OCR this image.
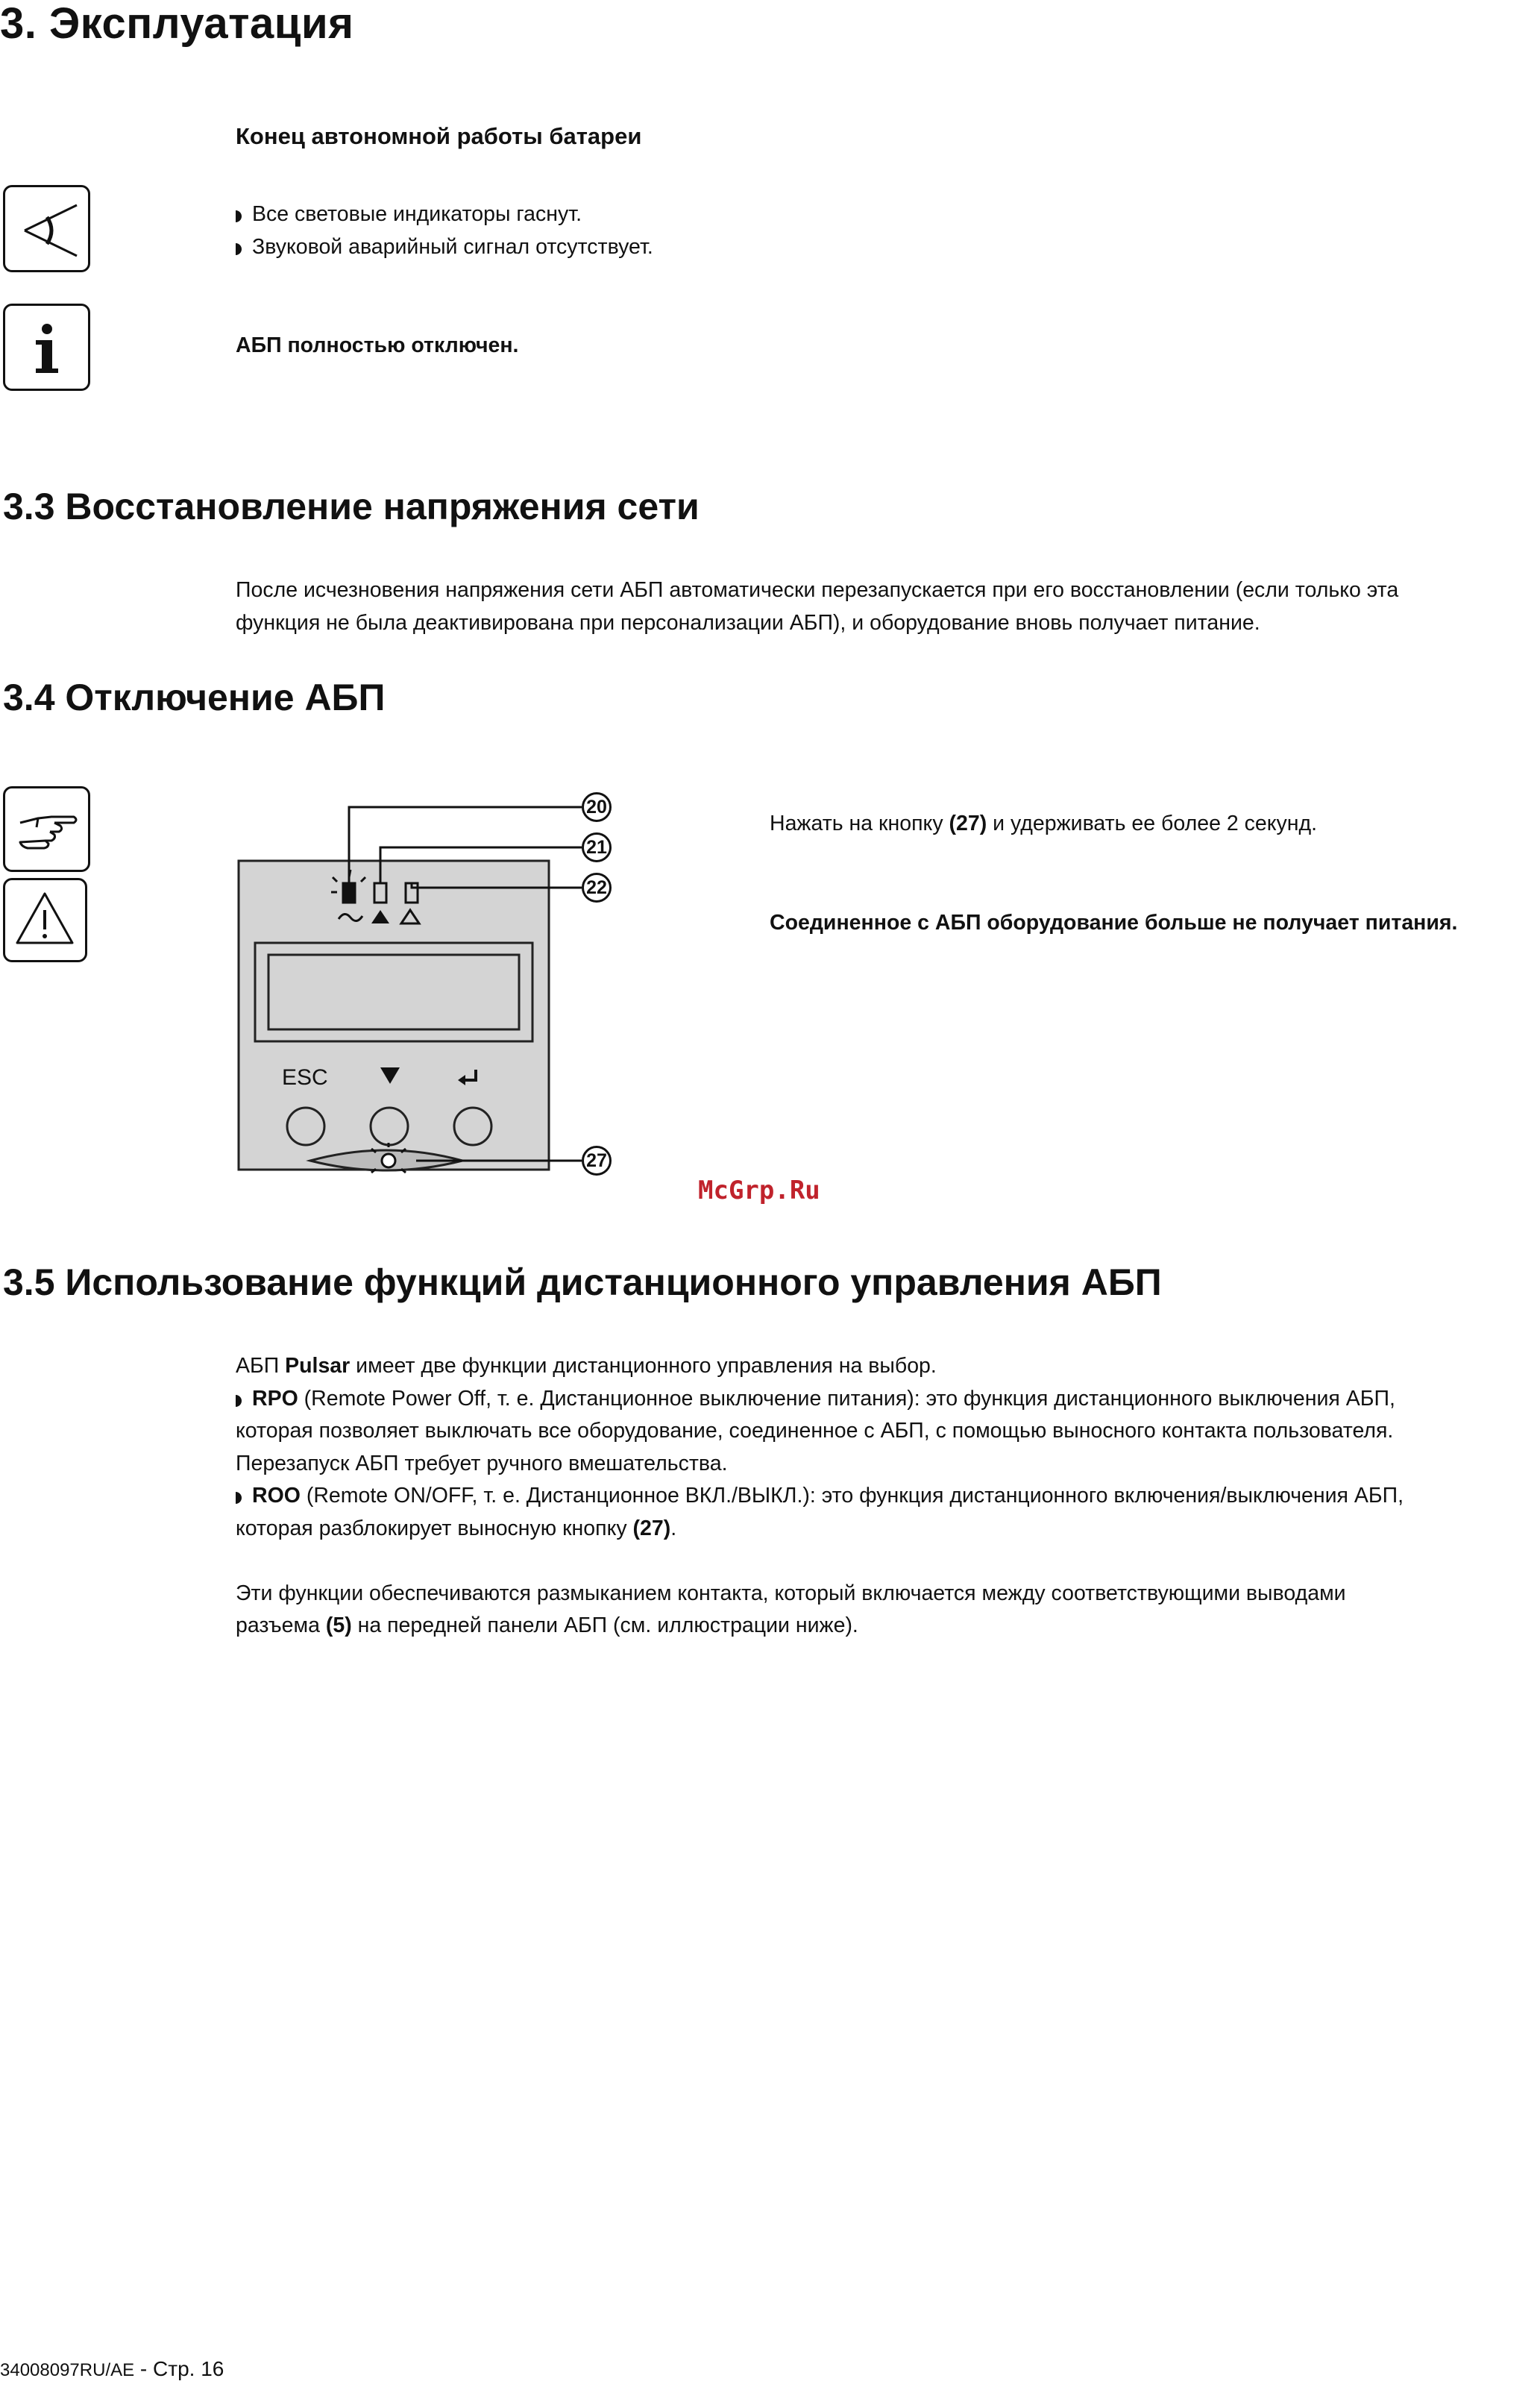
3. Эксплуатация
Конец автономной работы батареи
Все световые индикаторы гаснут.
Звуковой аварийный сигнал отсутствует.
АБП полностью отключен.
3.3 Восстановление напряжения сети
После исчезновения напряжения сети АБП автоматически перезапускается при его восстановлении (если только эта
функция не была деактивирована при персонализации АБП), и оборудование вновь получает питание.
3.4 Отключение АБП
ESC
20
21
22
27
Нажать на кнопку (27) и удерживать ее более 2 секунд.
Соединенное с АБП оборудование больше не получает питания.
McGrp.Ru
3.5 Использование функций дистанционного управления АБП
АБП Pulsar имеет две функции дистанционного управления на выбор.
RPO (Remote Power Off, т. е. Дистанционное выключение питания): это функция дистанционного выключения АБП,
которая позволяет выключать все оборудование, соединенное с АБП, с помощью выносного контакта пользователя.
Перезапуск АБП требует ручного вмешательства.
ROO (Remote ON/OFF, т. е. Дистанционное ВКЛ./ВЫКЛ.): это функция дистанционного включения/выключения АБП,
которая разблокирует выносную кнопку (27).
Эти функции обеспечиваются размыканием контакта, который включается между соответствующими выводами
разъема (5) на передней панели АБП (см. иллюстрации ниже).
34008097RU/AE - Стр. 16
